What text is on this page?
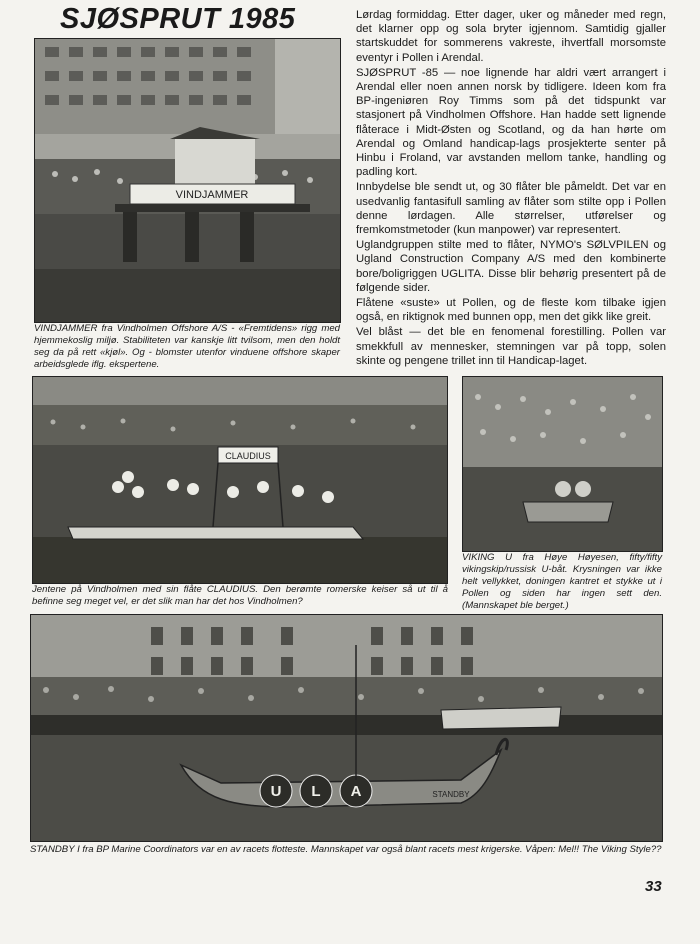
SJØSPRUT 1985
VINDJAMMER

VINDJAMMER fra Vindholmen Offshore A/S - «Fremtidens» rigg med hjemmekoslig miljø. Stabiliteten var kanskje litt tvilsom, men den holdt seg da på rett «kjøl». Og - blomster utenfor vinduene offshore skaper arbeidsglede iflg. ekspertene.

CLAUDIUS

Jentene på Vindholmen med sin flåte CLAUDIUS. Den berømte romerske keiser så ut til å befinne seg meget vel, er det slik man har det hos Vindholmen?

VIKING U fra Høye Høyesen, fifty/fifty vikingskip/russisk U-båt. Krysningen var ikke helt vellykket, doningen kantret et stykke ut i Pollen og siden har ingen sett den. (Mannskapet ble berget.)

U L A	STANDBY

STANDBY I fra BP Marine Coordinators var en av racets flotteste. Mannskapet var også blant racets mest krigerske. Våpen: Mel!! The Viking Style??

Lørdag formiddag. Etter dager, uker og måneder med regn, det klarner opp og sola bryter igjennom. Samtidig gjaller startskuddet for sommerens vakreste, ihvertfall morsomste eventyr i Pollen i Arendal.

SJØSPRUT -85 — noe lignende har aldri vært arrangert i Arendal eller noen annen norsk by tidligere. Ideen kom fra BP-ingeniøren Roy Timms som på det tidspunkt var stasjonert på Vindholmen Offshore. Han hadde sett lignende flåterace i Midt-Østen og Scotland, og da han hørte om Arendal og Omland handicap-lags prosjekterte senter på Hinbu i Froland, var avstanden mellom tanke, handling og padling kort.

Innbydelse ble sendt ut, og 30 flåter ble påmeldt. Det var en usedvanlig fantasifull samling av flåter som stilte opp i Pollen denne lørdagen. Alle størrelser, utførelser og fremkomstmetoder (kun manpower) var representert.

Uglandgruppen stilte med to flåter, NYMO's SØLVPILEN og Ugland Construction Company A/S med den kombinerte bore/boligriggen UGLITA. Disse blir behørig presentert på de følgende sider.

Flåtene «suste» ut Pollen, og de fleste kom tilbake igjen også, en riktignok med bunnen opp, men det gikk like greit.

Vel blåst — det ble en fenomenal forestilling. Pollen var smekkfull av mennesker, stemningen var på topp, solen skinte og pengene trillet inn til Handicap-laget.

33
